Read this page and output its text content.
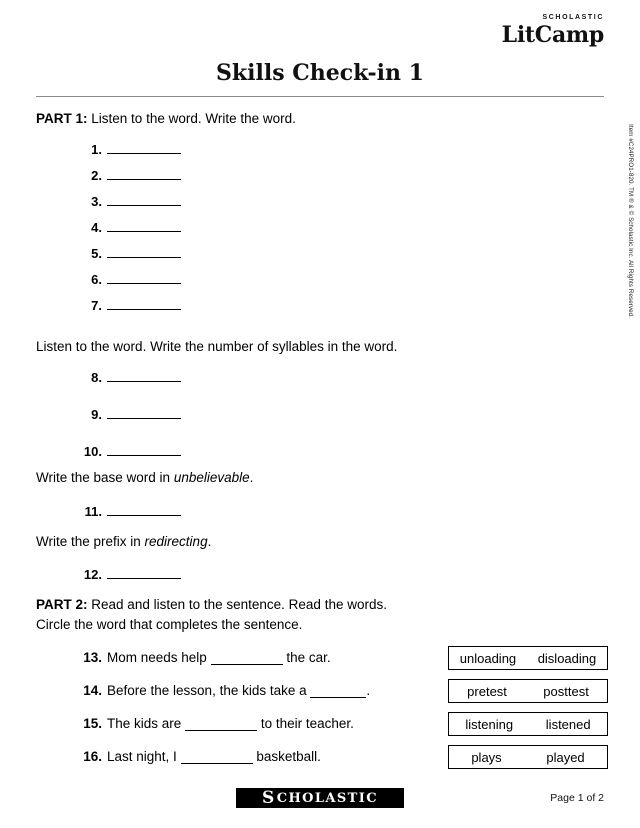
SCHOLASTIC
LitCamp
Skills Check-in 1
Item #C24PRO1-820. TM ® & © Scholastic Inc. All Rights Reserved.

PART 1: Listen to the word. Write the word.

1.
2.
3.
4.
5.
6.
7.

Listen to the word. Write the number of syllables in the word.

8.
9.
10.

Write the base word in unbelievable.

11.

Write the prefix in redirecting.

12.

PART 2: Read and listen to the sentence. Read the words.

Circle the word that completes the sentence.

13. Mom needs help	the car.	unloading disloading
14. Before the lesson, the kids take a	.	pretest	posttest
15. The kids are	to their teacher.	listening	listened
16. Last night, I	basketball.	plays	played
S CHOLASTIC	Page 1 of 2
